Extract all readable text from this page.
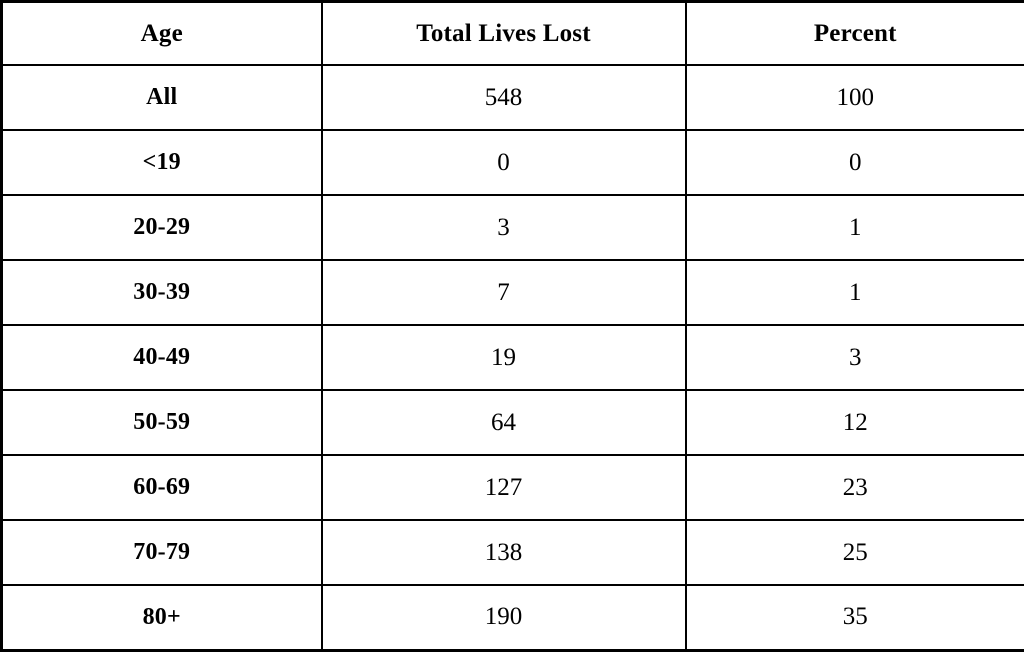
Age	Total Lives Lost	Percent
All	548	100
<19	0	0
20-29	3	1
30-39	7	1
40-49	19	3
50-59	64	12
60-69	127	23
70-79	138	25
80+	190	35
